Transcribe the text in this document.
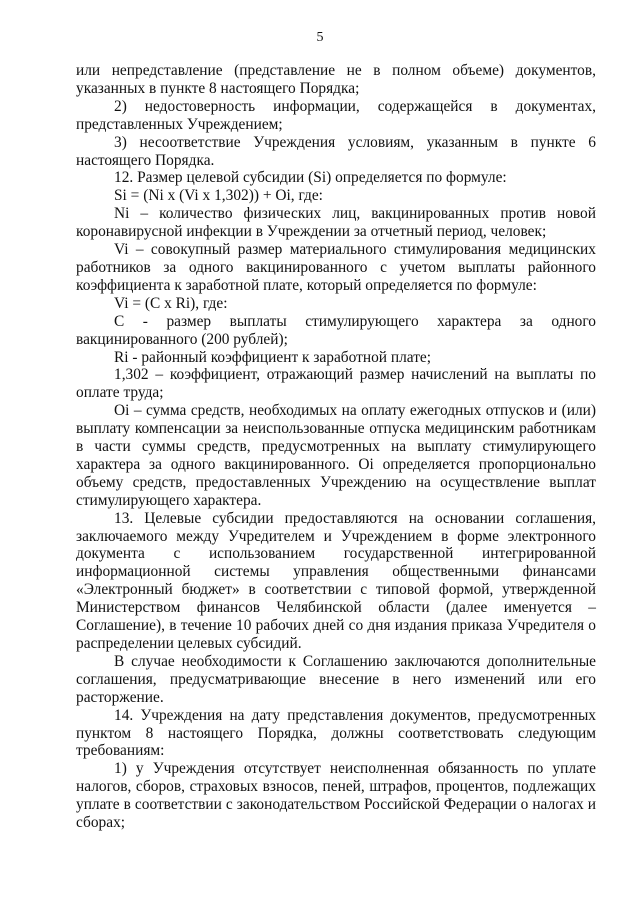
5

или непредставление (представление не в полном объеме) документов, указанных в пункте 8 настоящего Порядка;

2) недостоверность информации, содержащейся в документах, представленных Учреждением;

3) несоответствие Учреждения условиям, указанным в пункте 6 настоящего Порядка.

12. Размер целевой субсидии (Si) определяется по формуле:

Si = (Ni x (Vi x 1,302)) + Oi, где:

Ni – количество физических лиц, вакцинированных против новой коронавирусной инфекции в Учреждении за отчетный период, человек;

Vi – совокупный размер материального стимулирования медицинских работников за одного вакцинированного с учетом выплаты районного коэффициента к заработной плате, который определяется по формуле:

Vi = (C x Ri), где:

С - размер выплаты стимулирующего характера за одного вакцинированного (200 рублей);

Ri - районный коэффициент к заработной плате;

1,302 – коэффициент, отражающий размер начислений на выплаты по оплате труда;

Oi – сумма средств, необходимых на оплату ежегодных отпусков и (или) выплату компенсации за неиспользованные отпуска медицинским работникам в части суммы средств, предусмотренных на выплату стимулирующего характера за одного вакцинированного. Oi определяется пропорционально объему средств, предоставленных Учреждению на осуществление выплат стимулирующего характера.

13. Целевые субсидии предоставляются на основании соглашения, заключаемого между Учредителем и Учреждением в форме электронного документа с использованием государственной интегрированной информационной системы управления общественными финансами «Электронный бюджет» в соответствии с типовой формой, утвержденной Министерством финансов Челябинской области (далее именуется – Соглашение), в течение 10 рабочих дней со дня издания приказа Учредителя о распределении целевых субсидий.

В случае необходимости к Соглашению заключаются дополнительные соглашения, предусматривающие внесение в него изменений или его расторжение.

14. Учреждения на дату представления документов, предусмотренных пунктом 8 настоящего Порядка, должны соответствовать следующим требованиям:

1) у Учреждения отсутствует неисполненная обязанность по уплате налогов, сборов, страховых взносов, пеней, штрафов, процентов, подлежащих уплате в соответствии с законодательством Российской Федерации о налогах и сборах;
